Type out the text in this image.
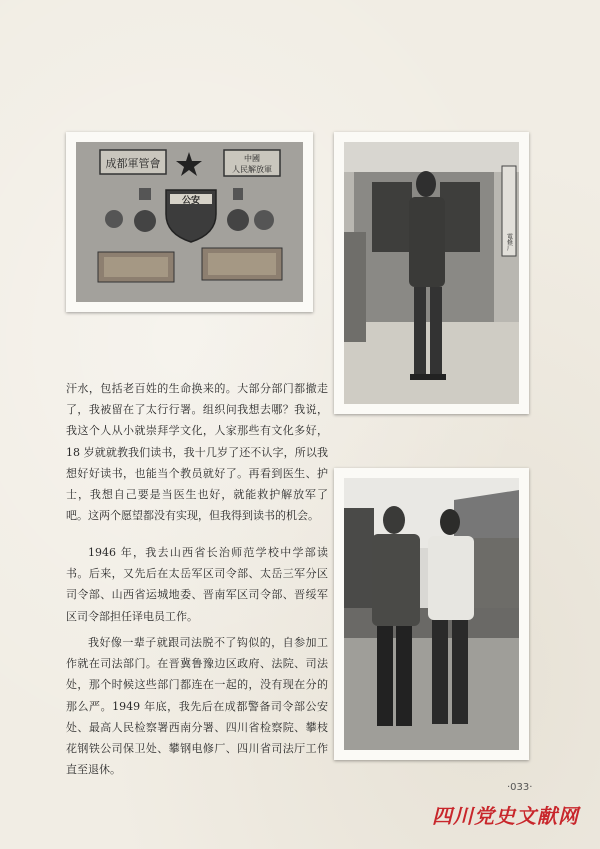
成都軍管會	中國
人民解放軍
公安
電修厂

汗水，包括老百姓的生命换来的。大部分部门都撤走了，我被留在了太行行署。组织问我想去哪？我说，我这个人从小就崇拜学文化，人家那些有文化多好，18 岁就就教我们读书，我十几岁了还不认字，所以我想好好读书，也能当个教员就好了。再看到医生、护士，我想自己要是当医生也好，就能救护解放军了吧。这两个愿望都没有实现，但我得到读书的机会。

1946 年，我去山西省长治师范学校中学部读书。后来，又先后在太岳军区司令部、太岳三军分区司令部、山西省运城地委、晋南军区司令部、晋绥军区司令部担任译电员工作。

我好像一辈子就跟司法脱不了钩似的，自参加工作就在司法部门。在晋冀鲁豫边区政府、法院、司法处，那个时候这些部门都连在一起的，没有现在分的那么严。1949 年底，我先后在成都警备司令部公安处、最高人民检察署西南分署、四川省检察院、攀枝花钢铁公司保卫处、攀钢电修厂、四川省司法厅工作直至退休。

·033·
四川党史文献网
